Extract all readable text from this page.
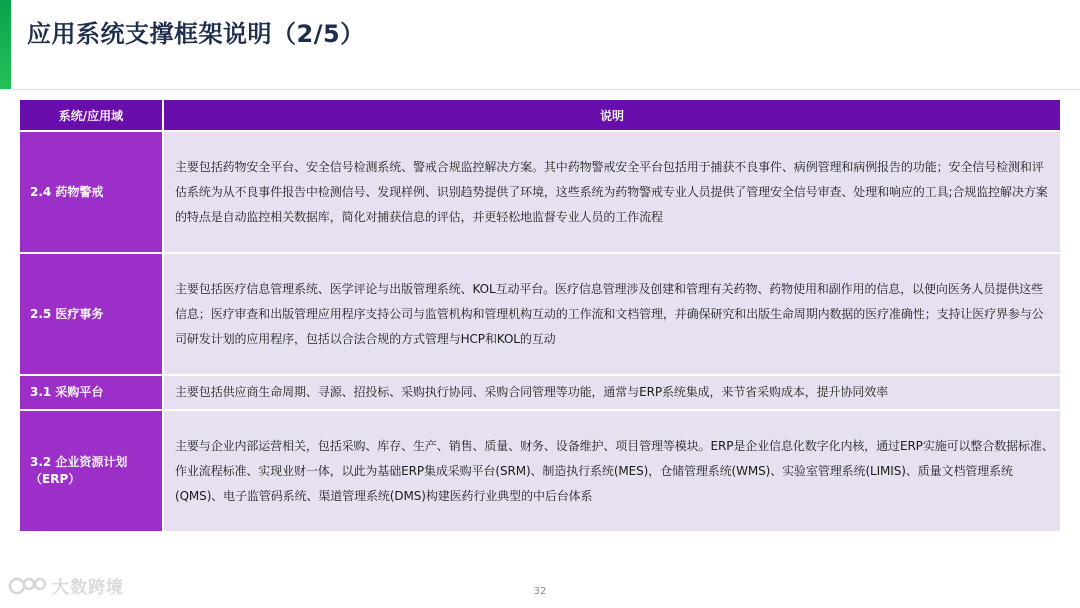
应用系统支撑框架说明（2/5）
系统/应用域	说明
2.4 药物警戒
主要包括药物安全平台、安全信号检测系统、警戒合规监控解决方案。其中药物警戒安全平台包括用于捕获不良事件、病例管理和病例报告的功能；安全信号检测和评估系统为从不良事件报告中检测信号、发现样例、识别趋势提供了环境，这些系统为药物警戒专业人员提供了管理安全信号审查、处理和响应的工具;合规监控解决方案的特点是自动监控相关数据库，简化对捕获信息的评估，并更轻松地监督专业人员的工作流程
2.5 医疗事务
主要包括医疗信息管理系统、医学评论与出版管理系统、KOL互动平台。医疗信息管理涉及创建和管理有关药物、药物使用和副作用的信息，以便向医务人员提供这些信息；医疗审查和出版管理应用程序支持公司与监管机构和管理机构互动的工作流和文档管理，并确保研究和出版生命周期内数据的医疗准确性；支持让医疗界参与公司研发计划的应用程序，包括以合法合规的方式管理与HCP和KOL的互动
3.1 采购平台	主要包括供应商生命周期、寻源、招投标、采购执行协同、采购合同管理等功能，通常与ERP系统集成，来节省采购成本，提升协同效率
3.2 企业资源计划（ERP）
主要与企业内部运营相关，包括采购、库存、生产、销售、质量、财务、设备维护、项目管理等模块。ERP是企业信息化数字化内核，通过ERP实施可以整合数据标准、作业流程标准、实现业财一体，以此为基础ERP集成采购平台(SRM)、制造执行系统(MES)，仓储管理系统(WMS)、实验室管理系统(LIMIS)、质量文档管理系统(QMS)、电子监管码系统、渠道管理系统(DMS)构建医药行业典型的中后台体系
32
大数跨境
